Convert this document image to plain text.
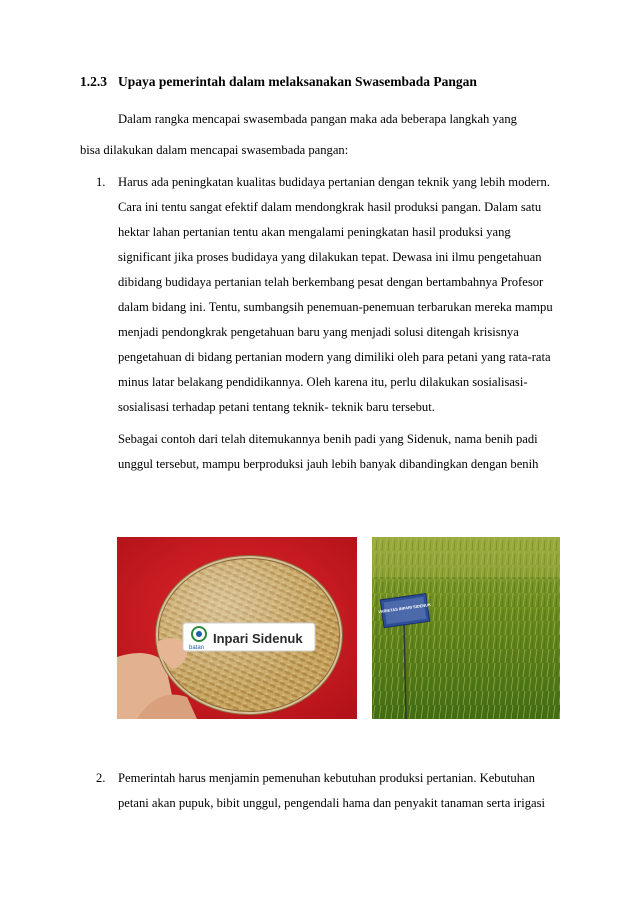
1.2.3 Upaya pemerintah dalam melaksanakan Swasembada Pangan
Dalam rangka mencapai swasembada pangan maka ada beberapa langkah yang
bisa dilakukan dalam mencapai swasembada pangan:
1. Harus ada peningkatan kualitas budidaya pertanian dengan teknik yang lebih modern.
Cara ini tentu sangat efektif dalam mendongkrak hasil produksi pangan. Dalam satu
hektar lahan pertanian tentu akan mengalami peningkatan hasil produksi yang
significant jika proses budidaya yang dilakukan tepat. Dewasa ini ilmu pengetahuan
dibidang budidaya pertanian telah berkembang pesat dengan bertambahnya Profesor
dalam bidang ini. Tentu, sumbangsih penemuan-penemuan terbarukan mereka mampu
menjadi pendongkrak pengetahuan baru yang menjadi solusi ditengah krisisnya
pengetahuan di bidang pertanian modern yang dimiliki oleh para petani yang rata-rata
minus latar belakang pendidikannya. Oleh karena itu, perlu dilakukan sosialisasi-
sosialisasi terhadap petani tentang teknik- teknik baru tersebut.
Sebagai contoh dari telah ditemukannya benih padi yang Sidenuk, nama benih padi
unggul tersebut, mampu berproduksi jauh lebih banyak dibandingkan dengan benih
batan
Inpari Sidenuk
VARIETAS INPARI SIDENUK
2. Pemerintah harus menjamin pemenuhan kebutuhan produksi pertanian. Kebutuhan
petani akan pupuk, bibit unggul, pengendali hama dan penyakit tanaman serta irigasi
